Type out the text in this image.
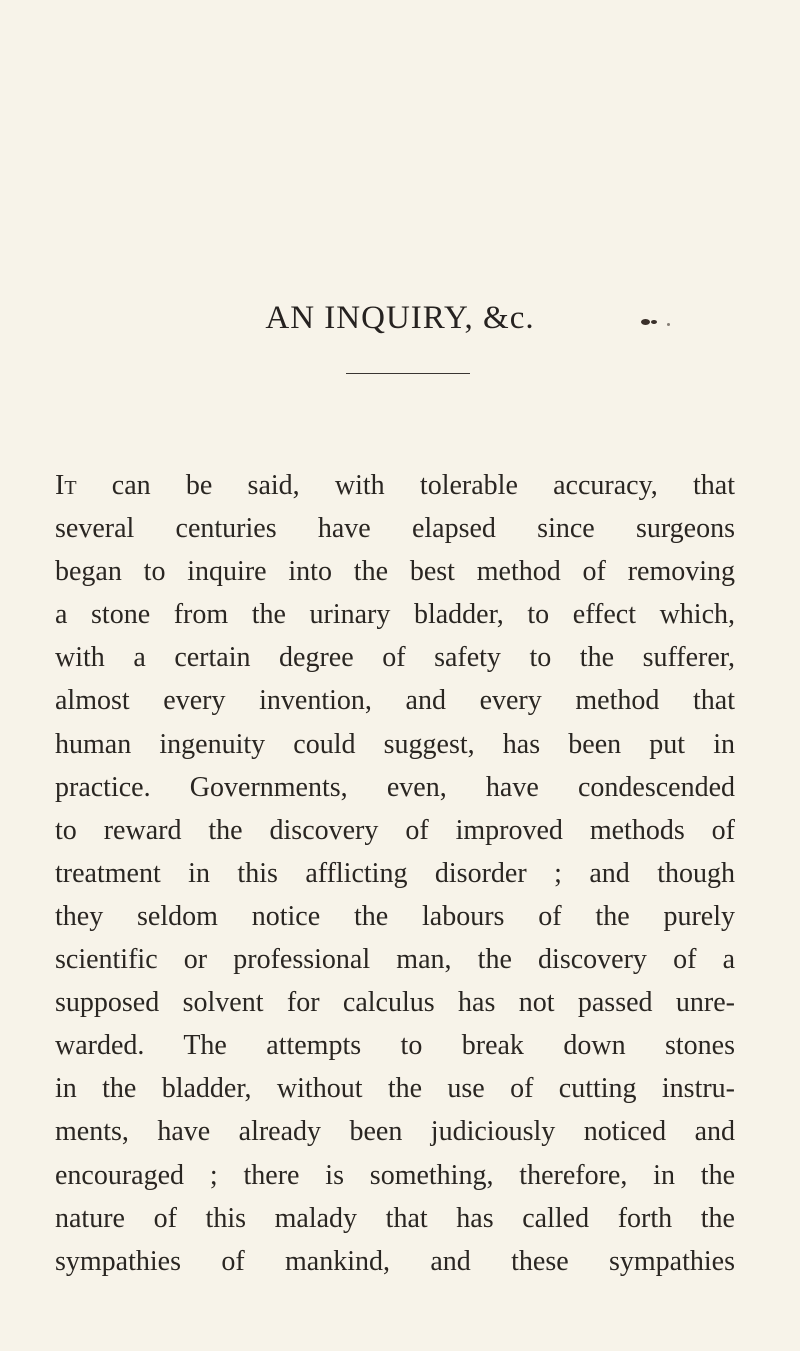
AN INQUIRY, &c.
It can be said, with tolerable accuracy, that
several centuries have elapsed since surgeons
began to inquire into the best method of removing
a stone from the urinary bladder, to effect which,
with a certain degree of safety to the sufferer,
almost every invention, and every method that
human ingenuity could suggest, has been put in
practice. Governments, even, have condescended
to reward the discovery of improved methods of
treatment in this afflicting disorder ; and though
they seldom notice the labours of the purely
scientific or professional man, the discovery of a
supposed solvent for calculus has not passed unre-
warded. The attempts to break down stones
in the bladder, without the use of cutting instru-
ments, have already been judiciously noticed and
encouraged ; there is something, therefore, in the
nature of this malady that has called forth the
sympathies of mankind, and these sympathies
